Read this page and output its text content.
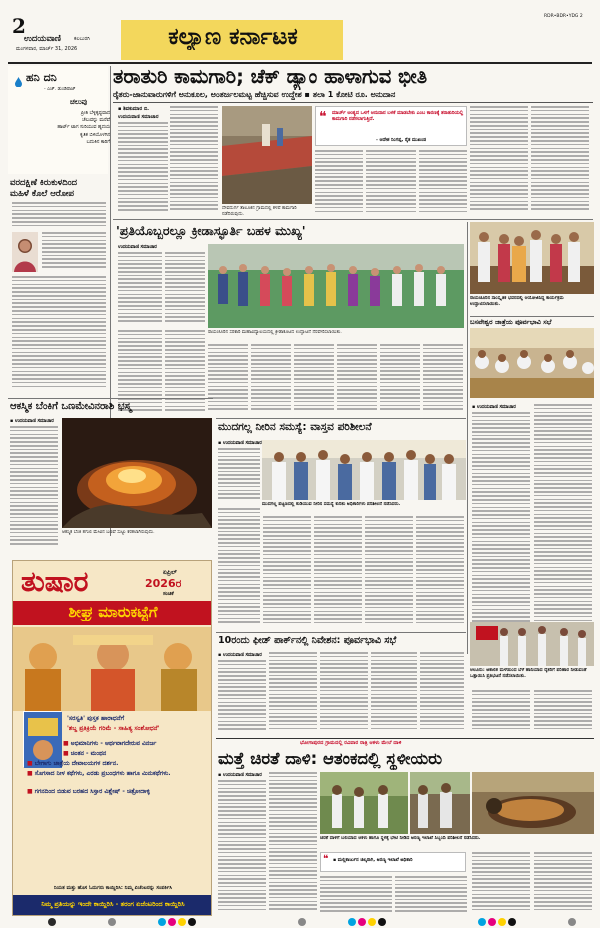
2
ಉದಯವಾಣಿ	ಕಲಬುರಗಿ
ಮಂಗಳವಾರ, ಮಾರ್ಚ್ 31, 2026	ಕಲ್ಯಾಣ ಕರ್ನಾಟಕ
RDR•BDR•YDG 2
ಹನಿ ದನಿ
- ಎಚ್. ಡುಂಡಿರಾಜ್
ಚಲುವು
ಪ್ರೀತಿ ಬೆಳ್ಳಿಕ್ಕಷ್ಟವಾದ
ಚೆಲುವನ್ನು ಮರೆವೆ
ಹಾರ್ಟ್ ಟಾಗ ಸುರಿಯುವ ಹೃದಯ
ಕೃತಿಕ ಬಿಳಿಯೊಳಗಿನ
ಬದುಕಿನ ಕಾರಿಗೆ
ವರದಕ್ಷಿಣೆ ಕಿರುಕುಳದಿಂದ
ಮಹಿಳೆ ಕೊಲೆ ಆರೋಪ
ತರಾತುರಿ ಕಾಮಗಾರಿ; ಚೆಕ್ ಡ್ಯಾಂ ಹಾಳಾಗುವ ಭೀತಿ
ರೈತರು-ಜಾನುವಾರುಗಳಿಗೆ ಅನುಕೂಲ, ಅಂತರ್ಜಲಮಟ್ಟ ಹೆಚ್ಚಿಸುವ ಉದ್ದೇಶ ▪ ತಲಾ 1 ಕೋಟಿ ರೂ. ಅನುದಾನ
▪ ಶಿವಕುಮಾರ ಬಿ.
ಉದಯವಾಣಿ ಸಮಾಚಾರ
ದೇವದುರ್ಗ ತಾಲೂಕಿನ ಗ್ರಾಮದಲ್ಲಿ ಕಳಪೆ ಕಾಮಗಾರಿ ನಡೆದಿರುವುದು.
❝ ಮಾರ್ಚ್ ಅಂತ್ಯದ ಒಳಗೆ ಅನುದಾನ ಬಳಕೆ ಮಾಡಬೇಕು ಎಂಬ ಕಾರಣಕ್ಕೆ ತರಾತುರಿಯಲ್ಲಿ ಕಾಮಗಾರಿ ನಡೆಸಲಾಗುತ್ತಿದೆ.
- ಆದೇಶ ನಿಂಗಪ್ಪ, ರೈತ ಮುಖಂಡ
'ಪ್ರತಿಯೊಬ್ಬರಲ್ಲೂ ಕ್ರೀಡಾಸ್ಫೂರ್ತಿ ಬಹಳ ಮುಖ್ಯ'
ಉದಯವಾಣಿ ಸಮಾಚಾರ
ರಾಯಚೂರಿನ ಸರಕಾರಿ ಮಹಾವಿದ್ಯಾಲಯದಲ್ಲಿ ಕ್ರೀಡಾಕೂಟದ ಉದ್ಘಾಟನೆ ನೆರವೇರಿಸಲಾಯಿತು.
ರಾಯಚೂರಿನ ಸಾಂಸ್ಕೃತಿಕ ಭವನದಲ್ಲಿ ಆಯೋಜಿಸಿದ್ದ ಕಾರ್ಯಕ್ರಮ ಉದ್ಘಾಟಿಸಲಾಯಿತು.
ಬಸವೇಶ್ವರ ಜಾತ್ರೆಯ ಪೂರ್ವಭಾವಿ ಸಭೆ
▪ ಉದಯವಾಣಿ ಸಮಾಚಾರ
ಆಕಸ್ಮಿಕ ಬೆಂಕಿಗೆ ಒಣಮೇವಿನರಾಶಿ ಭಸ್ಮ
▪ ಉದಯವಾಣಿ ಸಮಾಚಾರ
ಆಕಸ್ಮಿಕ ಬೆಂಕಿ ತಗುಲಿ ಮೇವಿನ ಬಣವೆ ಸುಟ್ಟು ಕರಕಲಾಗಿರುವುದು.
ಮುದಗಲ್ಲ ನೀರಿನ ಸಮಸ್ಯೆ: ವಾಸ್ತವ ಪರಿಶೀಲನೆ
▪ ಉದಯವಾಣಿ ಸಮಾಚಾರ
ಮುದಗಲ್ಲ ಪಟ್ಟಣದಲ್ಲಿ ಕುಡಿಯುವ ನೀರಿನ ಸಮಸ್ಯೆ ಕುರಿತು ಅಧಿಕಾರಿಗಳು ಪರಿಶೀಲನೆ ನಡೆಸಿದರು.
ತುಷಾರ	ಏಪ್ರಿಲ್
2026ರ
ಸಂಚಿಕೆ
ಶೀಘ್ರ ಮಾರುಕಟ್ಟೆಗೆ
'ಸರಸ್ವತಿ' ಪುಸ್ತಕ ಹಾರಾಧನೆಗೆ
'ಶಬ್ದ ಪ್ರತಿಕ್ರಿಯೆ ಗರಿಮೆ - ಸಾಹಿತ್ಯ ಸಂಶೋಧನೆ'
■ ಅಭಿಮಾನಿಗಳು - ಆರ್ಥವಾಗದೇರುವ ವಿನರ್ಜ
■ ಚಿಂತನ - ಮಂಥನ
■ ಬೇಗಾಗು ಜಾತ್ರೆಯ ದೇವಾಲಯಗಳ ದರ್ಶನ.
■ ಸೊಗಸಾದ ನೀಳ ಕಥೆಗಳು, ಎರಡು ಪ್ರಬಂಧಗಳು ಹಾಗೂ ಮಿನುಕಥೆಗಳು.
■ ಗಗನದಿಂದ ಬಿಡುವ ಬರಹದ ಸಿಸ್ತಾರ ವಿಶ್ಲೇಷ್ - ಚಿತ್ರೋದಾಳ್ಳಿ
ನಿಯತ ಮತ್ತು ಹೊಸ ಓದುಗರು ಕಾಯ್ದಿರಿಸಿ: ನಿಮ್ಮ ಏಜೆಂಟರನ್ನು ಸಂಪರ್ಕಿಸಿ
ನಿಮ್ಮ ಪ್ರತಿಯನ್ನು ಇಂದೇ ಕಾಯ್ದಿರಿಸಿ - ತರಂಗ ಏಜೆಂಟರಿಂದ ಕಾಯ್ದಿರಿಸಿ
10ರಂದು ಫೀಡ್ ಪಾರ್ಕ್‌ನಲ್ಲಿ ನಿವೇಶನ: ಪೂರ್ವಭಾವಿ ಸಭೆ
▪ ಉದಯವಾಣಿ ಸಮಾಚಾರ
ಆಲೂರು: ಅಕಾಲಿಕ ಮಳೆಯಿಂದ ಬೆಳೆ ಹಾನಿಯಾದ ರೈತರಿಗೆ ಪರಿಹಾರ ನೀಡುವಂತೆ ಒತ್ತಾಯಿಸಿ ಪ್ರತಿಭಟನೆ ನಡೆಸಲಾಯಿತು.
ಭೋಗಾಪುರದ ಗ್ರಾಮದಲ್ಲಿ ರವಿವಾರ ರಾತ್ರಿ ಆಕಳು ಮೇಲೆ ದಾಳಿ
ಮತ್ತೆ ಚಿರತೆ ದಾಳಿ: ಆತಂಕದಲ್ಲಿ ಸ್ಥಳೀಯರು
▪ ಉದಯವಾಣಿ ಸಮಾಚಾರ
ಚಿರತೆ ದಾಳಿಗೆ ಬಲಿಯಾದ ಆಕಳು ಹಾಗೂ ಸ್ಥಳಕ್ಕೆ ಭೇಟಿ ನೀಡಿದ ಅರಣ್ಯ ಇಲಾಖೆ ಸಿಬ್ಬಂದಿ ಪರಿಶೀಲನೆ ನಡೆಸಿದರು.
❝ ▪ ಮಲ್ಲಿಕಾರ್ಜುನ ಚಿಲ್ಕರಾಗಿ, ಅರಣ್ಯ ಇಲಾಖೆ ಅಧಿಕಾರಿ
